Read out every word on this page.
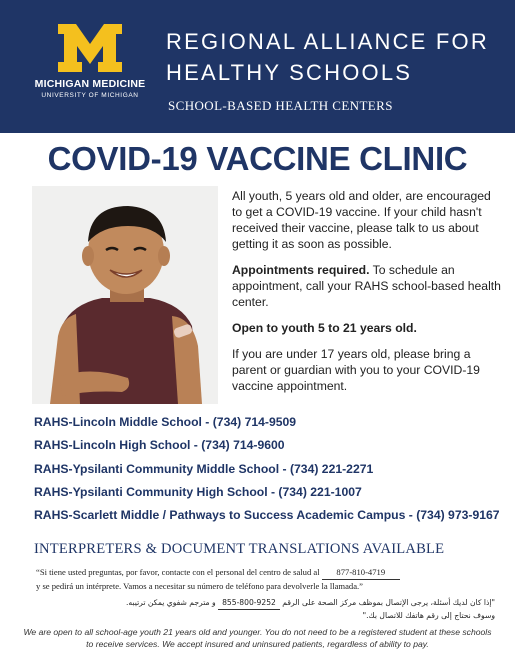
MICHIGAN MEDICINE
UNIVERSITY OF MICHIGAN
REGIONAL ALLIANCE FOR
HEALTHY SCHOOLS
SCHOOL-BASED HEALTH CENTERS
COVID-19 VACCINE CLINIC

All youth, 5 years old and older, are encouraged to get a COVID-19 vaccine. If your child hasn't received their vaccine, please talk to us about getting it as soon as possible.

Appointments required. To schedule an appointment, call your RAHS school-based health center.

Open to youth 5 to 21 years old.

If you are under 17 years old, please bring a parent or guardian with you to your COVID-19 vaccine appointment.

RAHS-Lincoln Middle School - (734) 714-9509
RAHS-Lincoln High School - (734) 714-9600
RAHS-Ypsilanti Community Middle School - (734) 221-2271
RAHS-Ypsilanti Community High School - (734) 221-1007
RAHS-Scarlett Middle / Pathways to Success Academic Campus - (734) 973-9167
INTERPRETERS & DOCUMENT TRANSLATIONS AVAILABLE
“Si tiene usted preguntas, por favor, contacte con el personal del centro de salud al 877-810-4719
y se pedirá un intérprete. Vamos a necesitar su número de teléfono para devolverle la llamada.”
"إذا كان لديك أسئلة، يرجى الإتصال بموظف مركز الصحة على الرقم 855-800-9252 و مترجم شفوي يمكن ترتيبه.
وسوف نحتاج إلى رقم هاتفك للاتصال بك."
We are open to all school-age youth 21 years old and younger. You do not need to be a registered student at these schools to receive services. We accept insured and uninsured patients, regardless of ability to pay.
